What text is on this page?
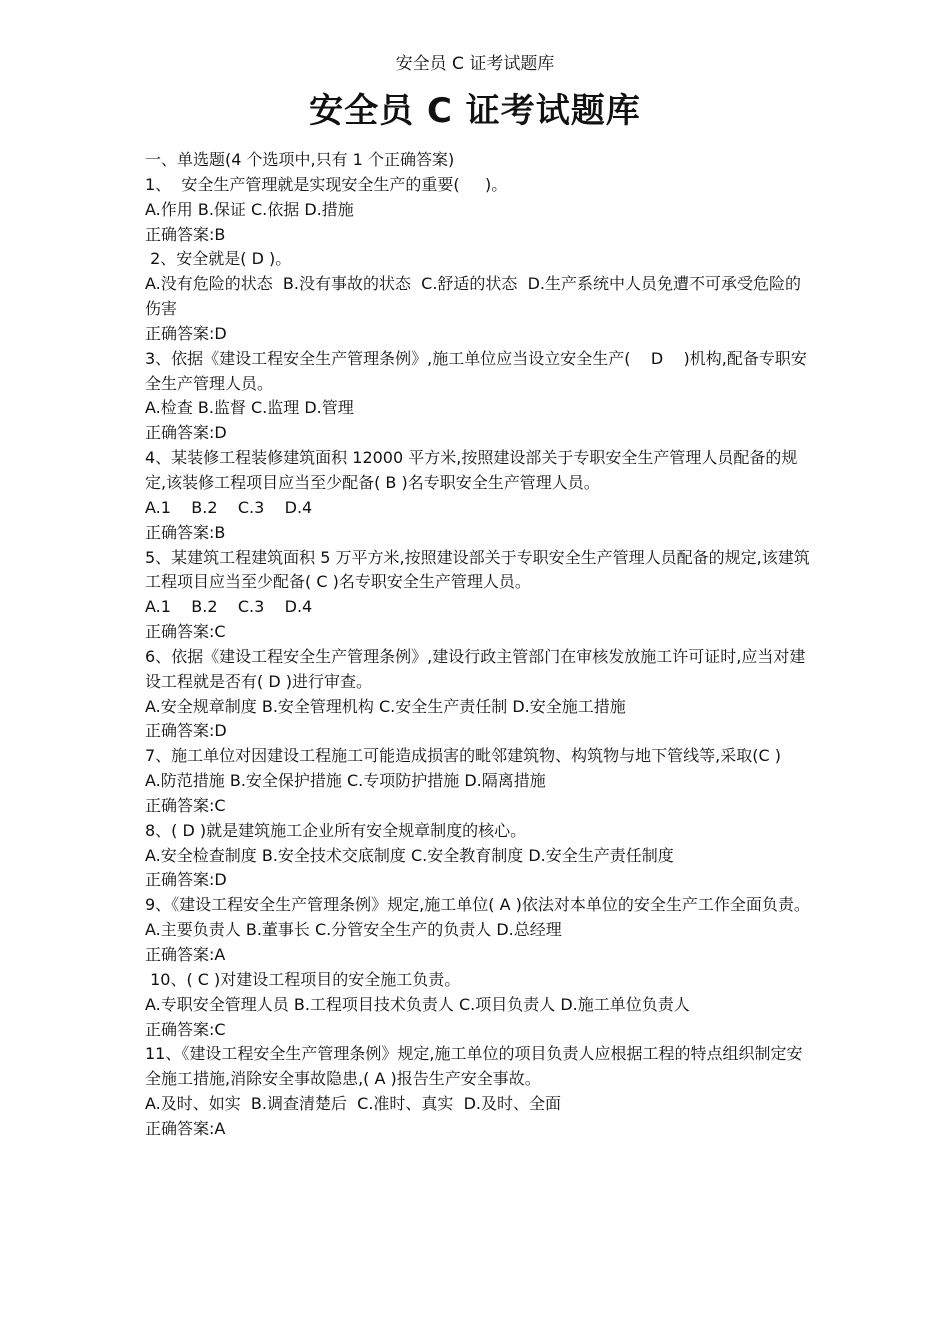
安全员 C 证考试题库
安全员 C 证考试题库
一、单选题(4 个选项中,只有 1 个正确答案)
1、  安全生产管理就是实现安全生产的重要(     )。
A.作用 B.保证 C.依据 D.措施
正确答案:B
2、安全就是( D )。
A.没有危险的状态  B.没有事故的状态  C.舒适的状态  D.生产系统中人员免遭不可承受危险的伤害
正确答案:D
3、依据《建设工程安全生产管理条例》,施工单位应当设立安全生产(    D    )机构,配备专职安全生产管理人员。
A.检查 B.监督 C.监理 D.管理
正确答案:D
4、某装修工程装修建筑面积 12000 平方米,按照建设部关于专职安全生产管理人员配备的规定,该装修工程项目应当至少配备( B )名专职安全生产管理人员。
A.1    B.2    C.3    D.4
正确答案:B
5、某建筑工程建筑面积 5 万平方米,按照建设部关于专职安全生产管理人员配备的规定,该建筑工程项目应当至少配备( C )名专职安全生产管理人员。
A.1    B.2    C.3    D.4
正确答案:C
6、依据《建设工程安全生产管理条例》,建设行政主管部门在审核发放施工许可证时,应当对建设工程就是否有( D )进行审查。
A.安全规章制度 B.安全管理机构 C.安全生产责任制 D.安全施工措施
正确答案:D
7、施工单位对因建设工程施工可能造成损害的毗邻建筑物、构筑物与地下管线等,采取(C )
A.防范措施 B.安全保护措施 C.专项防护措施 D.隔离措施
正确答案:C
8、( D )就是建筑施工企业所有安全规章制度的核心。
A.安全检查制度 B.安全技术交底制度 C.安全教育制度 D.安全生产责任制度
正确答案:D
9、《建设工程安全生产管理条例》规定,施工单位( A )依法对本单位的安全生产工作全面负责。
A.主要负责人 B.董事长 C.分管安全生产的负责人 D.总经理
正确答案:A
10、( C )对建设工程项目的安全施工负责。
A.专职安全管理人员 B.工程项目技术负责人 C.项目负责人 D.施工单位负责人
正确答案:C
11、《建设工程安全生产管理条例》规定,施工单位的项目负责人应根据工程的特点组织制定安全施工措施,消除安全事故隐患,( A )报告生产安全事故。
A.及时、如实  B.调查清楚后  C.准时、真实  D.及时、全面
正确答案:A
